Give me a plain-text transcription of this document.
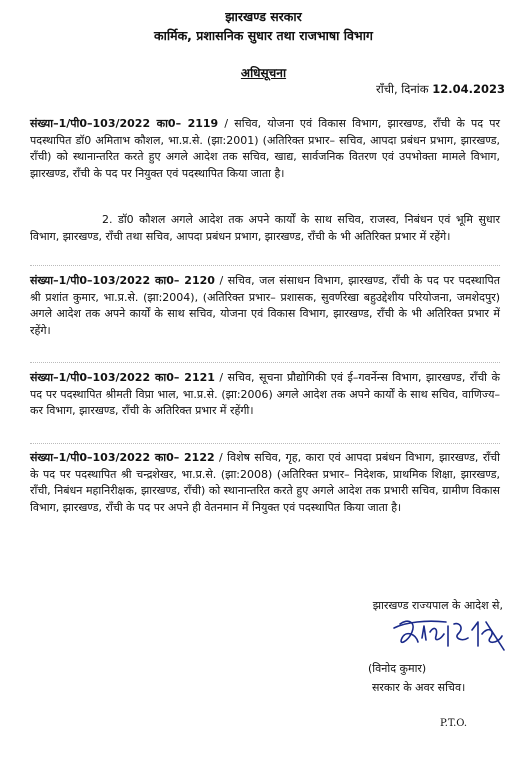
झारखण्ड सरकार
कार्मिक, प्रशासनिक सुधार तथा राजभाषा विभाग
अधिसूचना
राँची, दिनांक 12.04.2023
संख्या–1/पी0–103/2022 का0– 2119 / सचिव, योजना एवं विकास विभाग, झारखण्ड, राँची के पद पर पदस्थापित डॉ0 अमिताभ कौशल, भा.प्र.से. (झा:2001) (अतिरिक्त प्रभार– सचिव, आपदा प्रबंधन प्रभाग, झारखण्ड, राँची) को स्थानान्तरित करते हुए अगले आदेश तक सचिव, खाद्य, सार्वजनिक वितरण एवं उपभोक्ता मामले विभाग, झारखण्ड, राँची के पद पर नियुक्त एवं पदस्थापित किया जाता है।
2. डॉ0 कौशल अगले आदेश तक अपने कार्यों के साथ सचिव, राजस्व, निबंधन एवं भूमि सुधार विभाग, झारखण्ड, राँची तथा सचिव, आपदा प्रबंधन प्रभाग, झारखण्ड, राँची के भी अतिरिक्त प्रभार में रहेंगे।
संख्या–1/पी0–103/2022 का0– 2120 / सचिव, जल संसाधन विभाग, झारखण्ड, राँची के पद पर पदस्थापित श्री प्रशांत कुमार, भा.प्र.से. (झा:2004), (अतिरिक्त प्रभार– प्रशासक, सुवर्णरेखा बहुउद्देशीय परियोजना, जमशेदपुर) अगले आदेश तक अपने कार्यों के साथ सचिव, योजना एवं विकास विभाग, झारखण्ड, राँची के भी अतिरिक्त प्रभार में रहेंगे।
संख्या–1/पी0–103/2022 का0– 2121 / सचिव, सूचना प्रौद्योगिकी एवं ई–गवर्नेन्स विभाग, झारखण्ड, राँची के पद पर पदस्थापित श्रीमती विप्रा भाल, भा.प्र.से. (झा:2006) अगले आदेश तक अपने कार्यों के साथ सचिव, वाणिज्य–कर विभाग, झारखण्ड, राँची के अतिरिक्त प्रभार में रहेंगी।
संख्या–1/पी0–103/2022 का0– 2122 / विशेष सचिव, गृह, कारा एवं आपदा प्रबंधन विभाग, झारखण्ड, राँची के पद पर पदस्थापित श्री चन्द्रशेखर, भा.प्र.से. (झा:2008) (अतिरिक्त प्रभार– निदेशक, प्राथमिक शिक्षा, झारखण्ड, राँची, निबंधन महानिरीक्षक, झारखण्ड, राँची) को स्थानान्तरित करते हुए अगले आदेश तक प्रभारी सचिव, ग्रामीण विकास विभाग, झारखण्ड, राँची के पद पर अपने ही वेतनमान में नियुक्त एवं पदस्थापित किया जाता है।
झारखण्ड राज्यपाल के आदेश से,
(विनोद कुमार)
सरकार के अवर सचिव।
P.T.O.
